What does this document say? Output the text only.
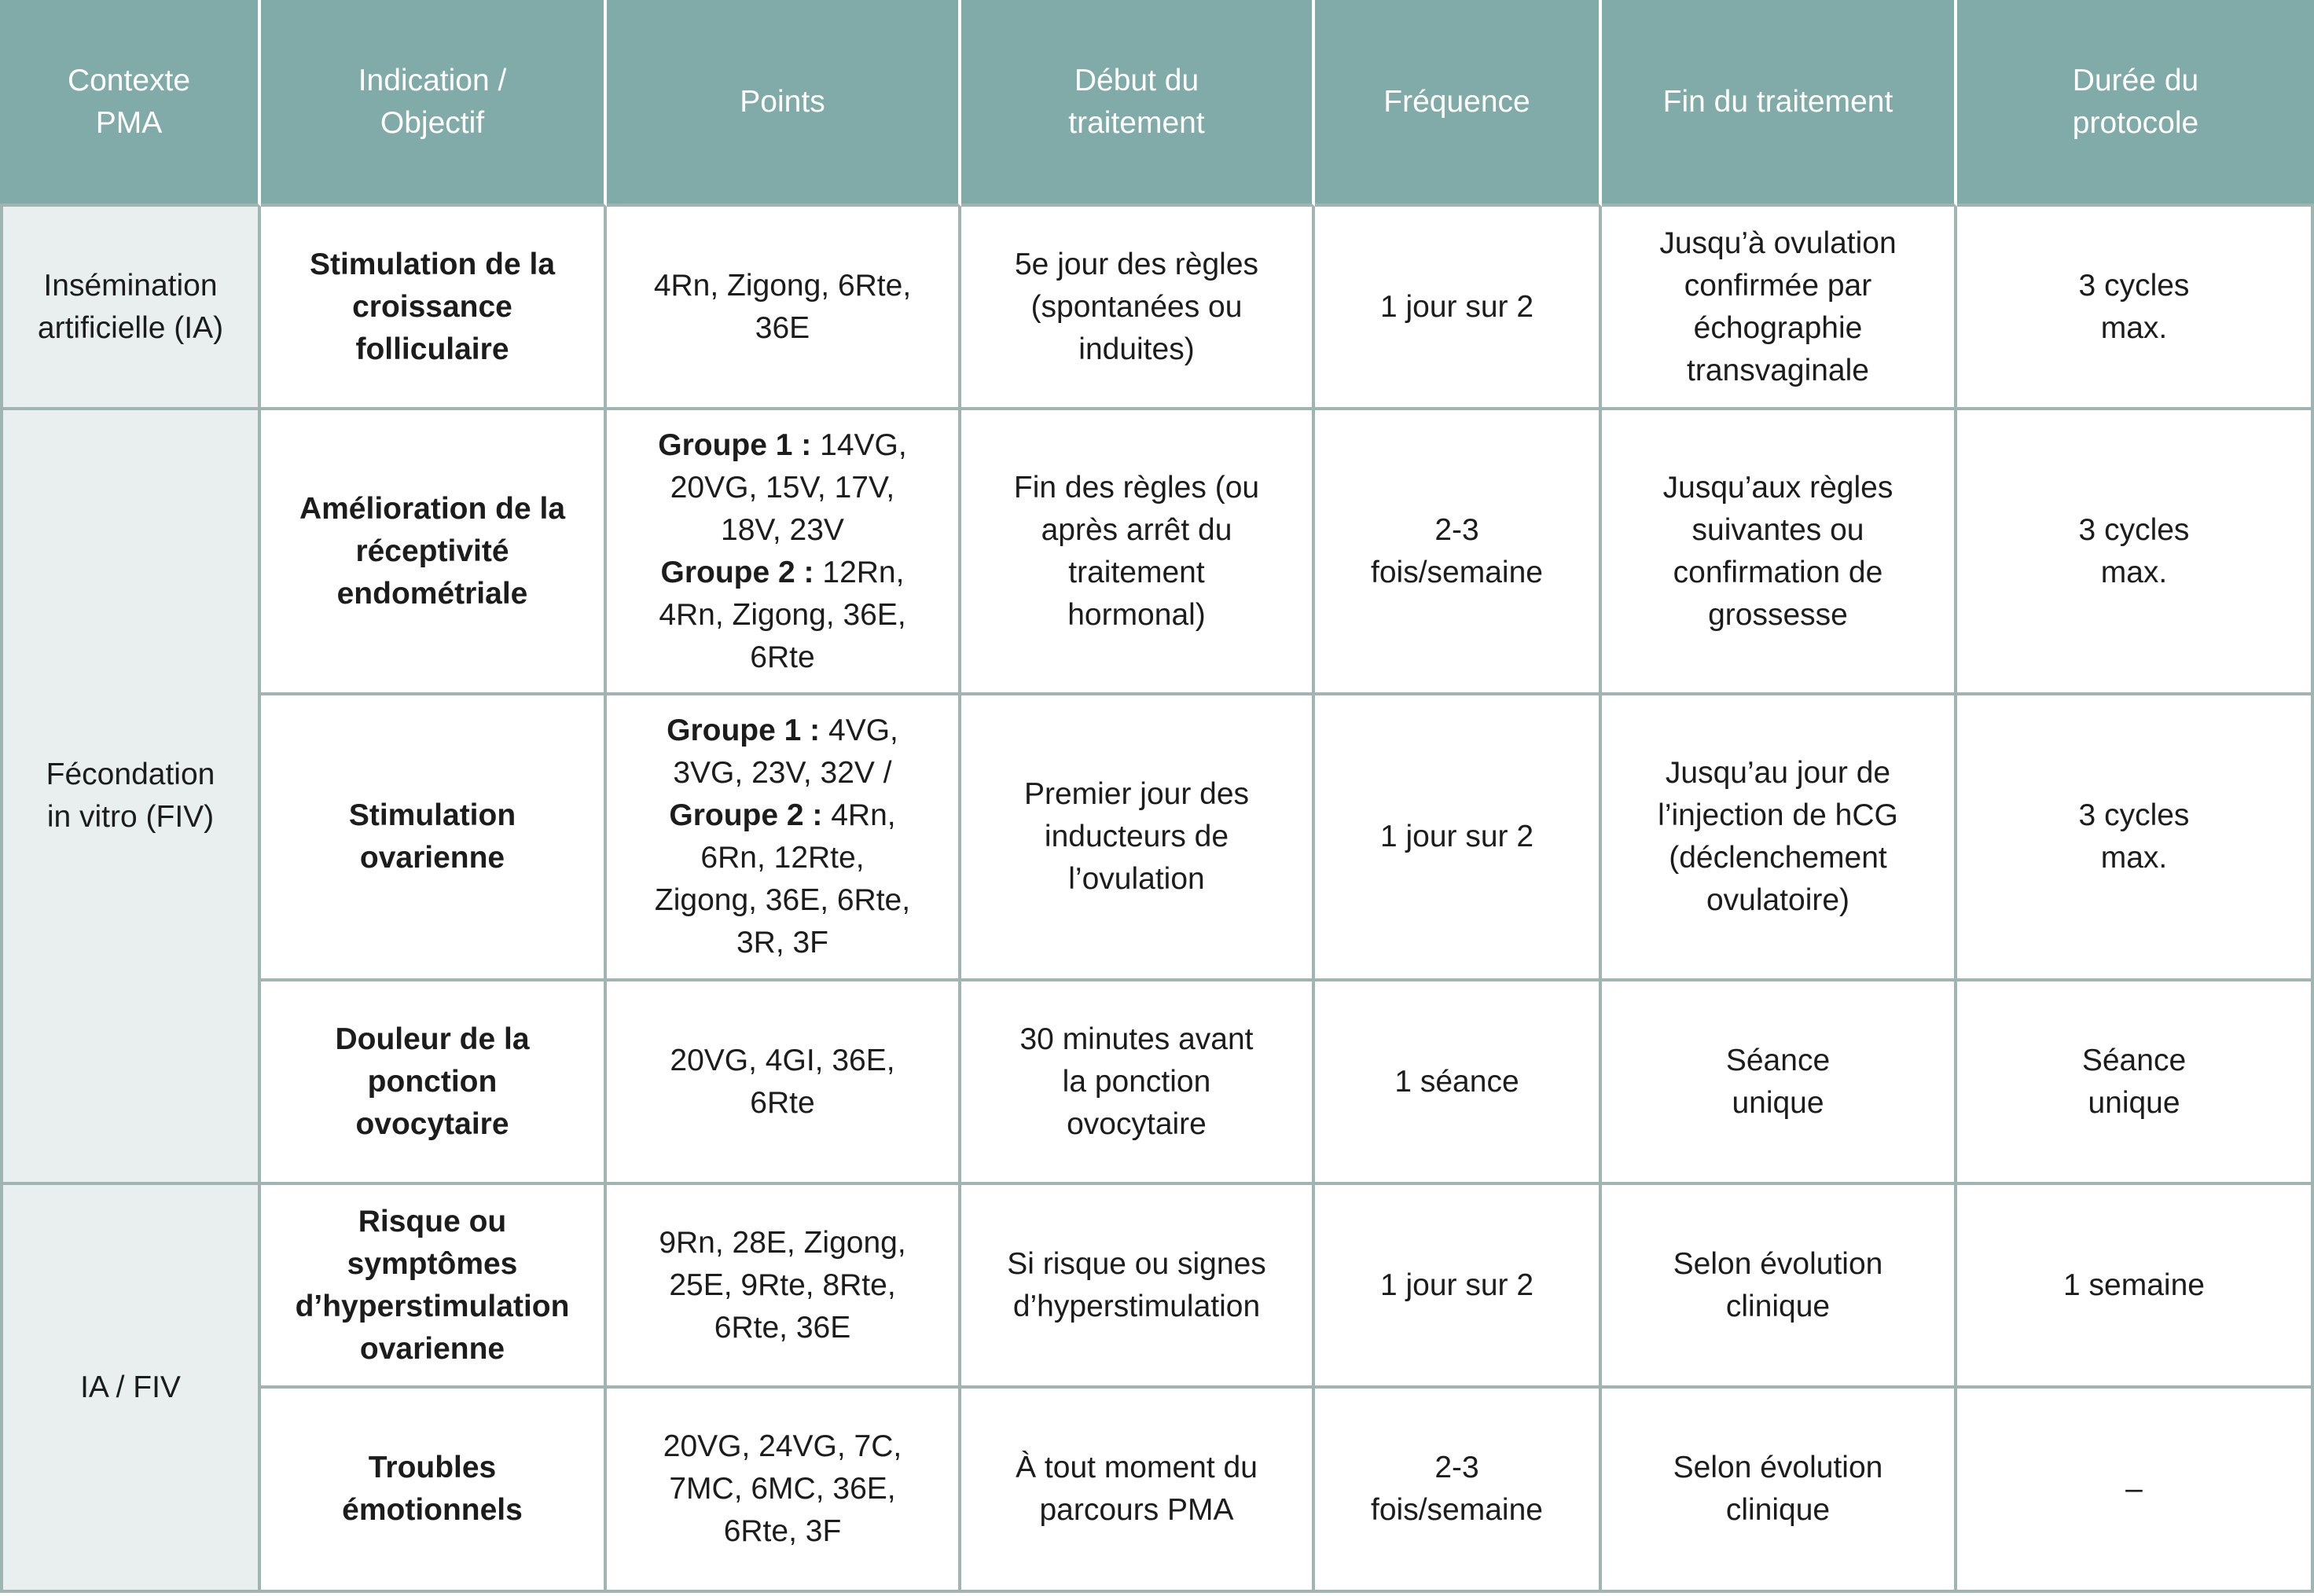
Contexte
PMA
Indication /
Objectif
Points
Début du
traitement
Fréquence	Fin du traitement
Durée du
protocole
Insémination
artificielle (IA)
Stimulation de la
croissance
folliculaire
4Rn, Zigong, 6Rte,
36E
5e jour des règles
(spontanées ou
induites)
1 jour sur 2
Jusqu’à ovulation
confirmée par
échographie
transvaginale
3 cycles
max.
Fécondation
in vitro (FIV)
Amélioration de la
réceptivité
endométriale
Groupe 1 : 14VG,
20VG, 15V, 17V,
18V, 23V
Groupe 2 : 12Rn,
4Rn, Zigong, 36E,
6Rte
Fin des règles (ou
après arrêt du
traitement
hormonal)
2-3
fois/semaine
Jusqu’aux règles
suivantes ou
confirmation de
grossesse
3 cycles
max.
Stimulation
ovarienne
Groupe 1 : 4VG,
3VG, 23V, 32V /
Groupe 2 : 4Rn,
6Rn, 12Rte,
Zigong, 36E, 6Rte,
3R, 3F
Premier jour des
inducteurs de
l’ovulation
1 jour sur 2
Jusqu’au jour de
l’injection de hCG
(déclenchement
ovulatoire)
3 cycles
max.
Douleur de la
ponction
ovocytaire
20VG, 4GI, 36E,
6Rte
30 minutes avant
la ponction
ovocytaire
1 séance
Séance
unique
Séance
unique
IA / FIV
Risque ou
symptômes
d’hyperstimulation
ovarienne
9Rn, 28E, Zigong,
25E, 9Rte, 8Rte,
6Rte, 36E
Si risque ou signes
d’hyperstimulation
1 jour sur 2
Selon évolution
clinique
1 semaine
Troubles
émotionnels
20VG, 24VG, 7C,
7MC, 6MC, 36E,
6Rte, 3F
À tout moment du
parcours PMA
2-3
fois/semaine
Selon évolution
clinique
–
